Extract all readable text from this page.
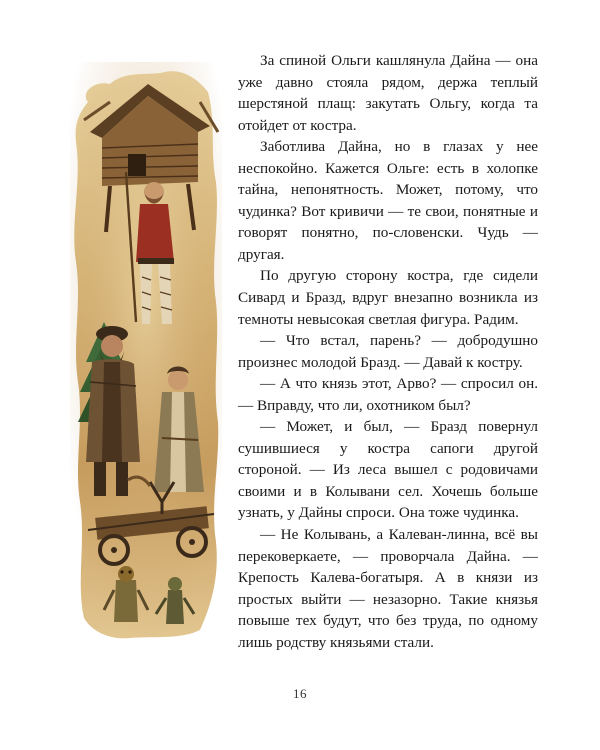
За спиной Ольги кашлянула Дайна — она уже давно стояла рядом, держа теплый шерстяной плащ: закутать Ольгу, когда та отойдет от костра.

Заботлива Дайна, но в глазах у нее неспокойно. Кажется Ольге: есть в холопке тайна, непонятность. Может, потому, что чудинка? Вот кривичи — те свои, понятные и говорят понятно, по-словенски. Чудь — другая.

По другую сторону костра, где сидели Сивард и Бразд, вдруг внезапно возникла из темноты невысокая светлая фигура. Радим.

— Что встал, парень? — добродушно произнес молодой Бразд. — Давай к костру.

— А что князь этот, Арво? — спросил он. — Вправду, что ли, охотником был?

— Может, и был, — Бразд повернул сушившиеся у костра сапоги другой стороной. — Из леса вышел с родовичами своими и в Колывани сел. Хочешь больше узнать, у Дайны спроси. Она тоже чудинка.

— Не Колывань, а Калеван-линна, всё вы перековеркаете, — проворчала Дайна. — Крепость Калева-богатыря. А в князи из простых выйти — незазорно. Такие князья повыше тех будут, что без труда, по одному лишь родству князьями стали.

16
